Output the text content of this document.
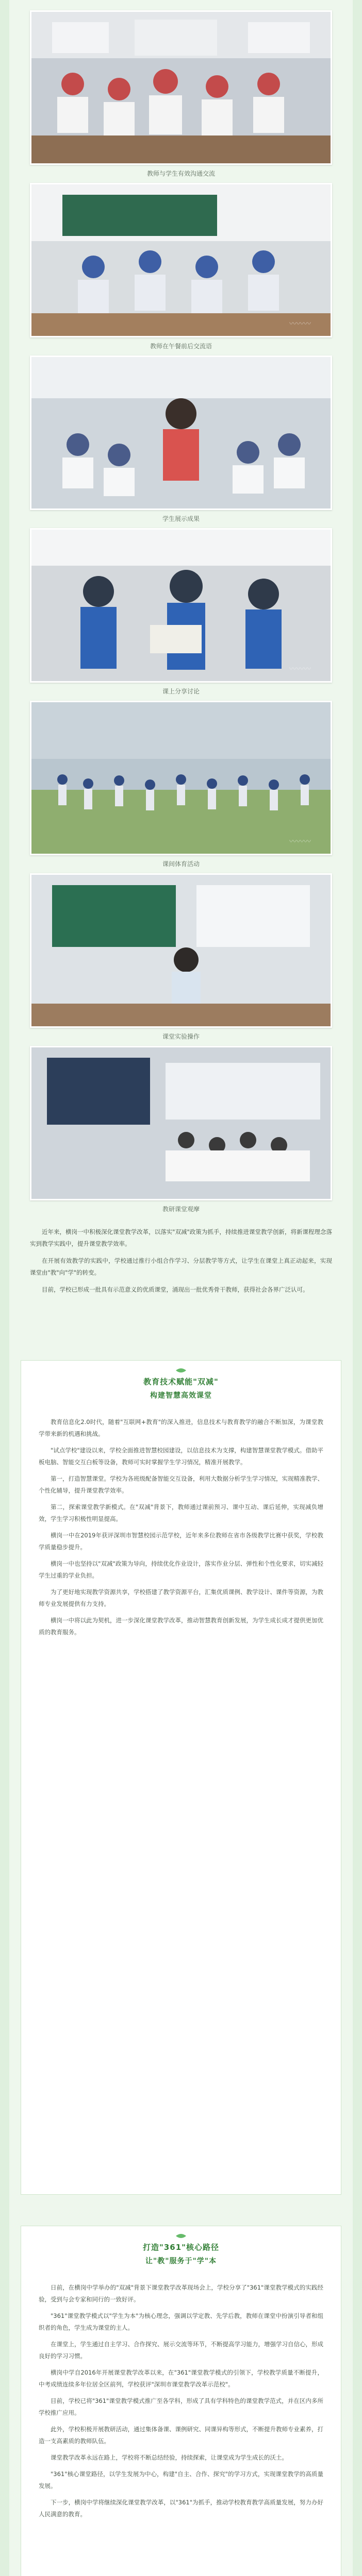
教师与学生有效沟通交流
〰〰〰
教师在午餐前后交流语
学生展示成果
〰〰〰
课上分享讨论
〰〰〰
课间体育活动
课堂实验操作
教研课堂观摩

近年来，横岗一中积极深化课堂教学改革，以落实"双减"政策为抓手，持续推进课堂教学创新，将新课程理念落实到教学实践中，提升课堂教学效率。

在开展有效教学的实践中，学校通过推行小组合作学习、分层教学等方式，让学生在课堂上真正动起来，实现课堂由"教"向"学"的转变。

目前，学校已形成一批具有示范意义的优质课堂，涌现出一批优秀骨干教师，获得社会各界广泛认可。

教育技术赋能"双减"
构建智慧高效课堂

教育信息化2.0时代，随着"互联网+教育"的深入推进，信息技术与教育教学的融合不断加深，为课堂教学带来新的机遇和挑战。

"试点学校"建设以来，学校全面推进智慧校园建设，以信息技术为支撑，构建智慧课堂教学模式。借助平板电脑、智能交互白板等设备，教师可实时掌握学生学习情况，精准开展教学。

第一，打造智慧课堂。学校为各班级配备智能交互设备，利用大数据分析学生学习情况，实现精准教学、个性化辅导，提升课堂教学效率。

第二，探索课堂教学新模式。在"双减"背景下，教师通过课前预习、课中互动、课后延伸，实现减负增效，学生学习积极性明显提高。

横岗一中在2019年获评深圳市智慧校园示范学校，近年来多位教师在省市各级教学比赛中获奖，学校教学质量稳步提升。

横岗一中也坚持以"双减"政策为导向，持续优化作业设计，落实作业分层、弹性和个性化要求，切实减轻学生过重的学业负担。

为了更好地实现教学资源共享，学校搭建了教学资源平台，汇集优质课例、教学设计、课件等资源，为教师专业发展提供有力支持。

横岗一中将以此为契机，进一步深化课堂教学改革，推动智慧教育创新发展，为学生成长成才提供更加优质的教育服务。

打造"361"核心路径
让"教"服务于"学"本

日前，在横岗中学举办的"双减"背景下课堂教学改革现场会上，学校分享了"361"课堂教学模式的实践经验，受到与会专家和同行的一致好评。

"361"课堂教学模式以"学生为本"为核心理念，强调以学定教、先学后教，教师在课堂中扮演引导者和组织者的角色，学生成为课堂的主人。

在课堂上，学生通过自主学习、合作探究、展示交流等环节，不断提高学习能力，增强学习自信心，形成良好的学习习惯。

横岗中学自2016年开展课堂教学改革以来，在"361"课堂教学模式的引领下，学校教学质量不断提升，中考成绩连续多年位居全区前列，学校获评"深圳市课堂教学改革示范校"。

目前，学校已将"361"课堂教学模式推广至各学科，形成了具有学科特色的课堂教学范式，并在区内多所学校推广应用。

此外，学校积极开展教研活动，通过集体备课、课例研究、同课异构等形式，不断提升教师专业素养，打造一支高素质的教师队伍。

课堂教学改革永远在路上，学校将不断总结经验，持续探索，让课堂成为学生成长的沃土。

"361"核心课堂路径，以学生发展为中心，构建"自主、合作、探究"的学习方式，实现课堂教学的高质量发展。

下一步，横岗中学将继续深化课堂教学改革，以"361"为抓手，推动学校教育教学高质量发展，努力办好人民满意的教育。
